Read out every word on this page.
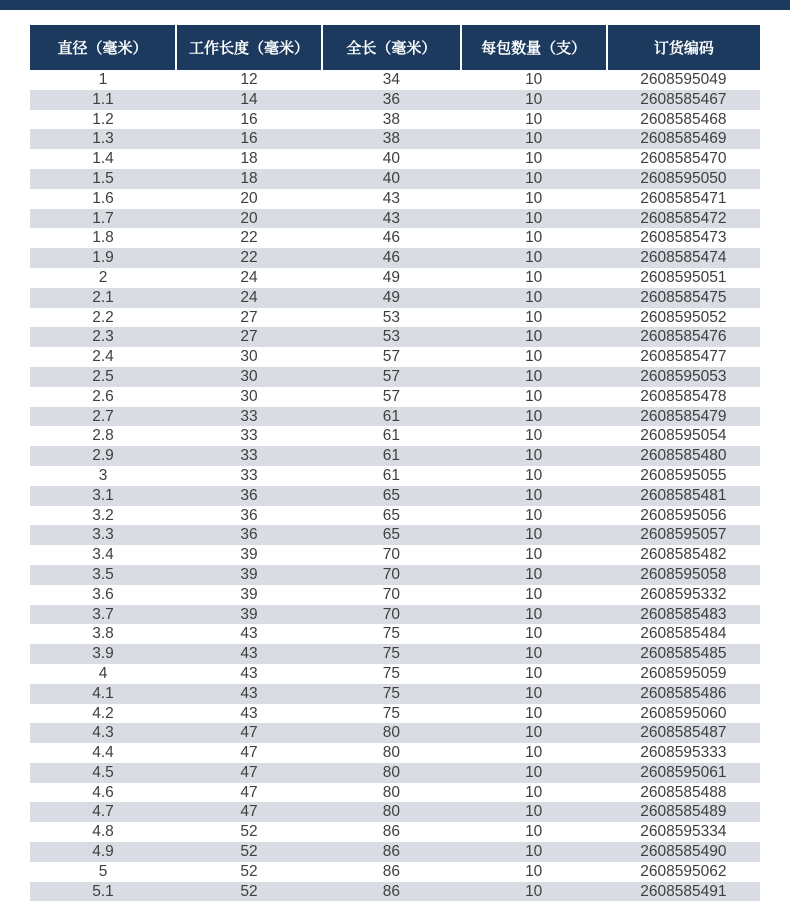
直径（毫米）	工作长度（毫米）	全长（毫米）	每包数量（支）	订货编码
1	12	34	10	2608595049
1.1	14	36	10	2608585467
1.2	16	38	10	2608585468
1.3	16	38	10	2608585469
1.4	18	40	10	2608585470
1.5	18	40	10	2608595050
1.6	20	43	10	2608585471
1.7	20	43	10	2608585472
1.8	22	46	10	2608585473
1.9	22	46	10	2608585474
2	24	49	10	2608595051
2.1	24	49	10	2608585475
2.2	27	53	10	2608595052
2.3	27	53	10	2608585476
2.4	30	57	10	2608585477
2.5	30	57	10	2608595053
2.6	30	57	10	2608585478
2.7	33	61	10	2608585479
2.8	33	61	10	2608595054
2.9	33	61	10	2608585480
3	33	61	10	2608595055
3.1	36	65	10	2608585481
3.2	36	65	10	2608595056
3.3	36	65	10	2608595057
3.4	39	70	10	2608585482
3.5	39	70	10	2608595058
3.6	39	70	10	2608595332
3.7	39	70	10	2608585483
3.8	43	75	10	2608585484
3.9	43	75	10	2608585485
4	43	75	10	2608595059
4.1	43	75	10	2608585486
4.2	43	75	10	2608595060
4.3	47	80	10	2608585487
4.4	47	80	10	2608595333
4.5	47	80	10	2608595061
4.6	47	80	10	2608585488
4.7	47	80	10	2608585489
4.8	52	86	10	2608595334
4.9	52	86	10	2608585490
5	52	86	10	2608595062
5.1	52	86	10	2608585491
